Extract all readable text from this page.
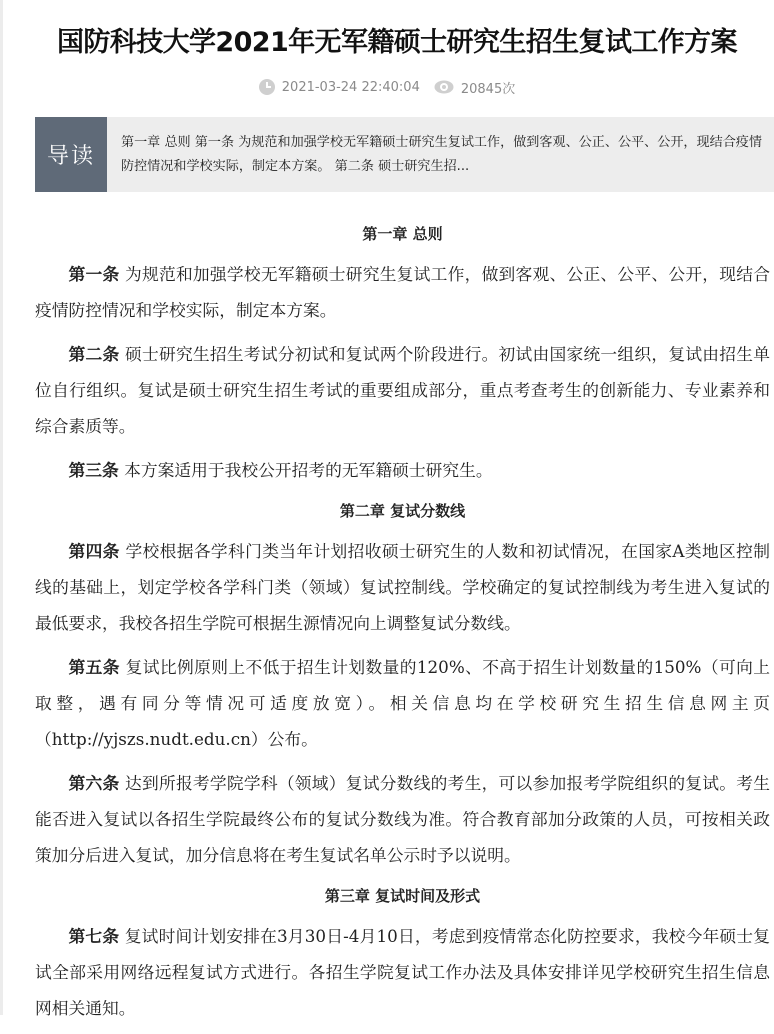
国防科技大学2021年无军籍硕士研究生招生复试工作方案
2021-03-24 22:40:04	20845次
导读
第一章 总则 第一条 为规范和加强学校无军籍硕士研究生复试工作，做到客观、公正、公平、公开，现结合疫情防控情况和学校实际，制定本方案。 第二条 硕士研究生招...
第一章 总则

第一条 为规范和加强学校无军籍硕士研究生复试工作，做到客观、公正、公平、公开，现结合疫情防控情况和学校实际，制定本方案。

第二条 硕士研究生招生考试分初试和复试两个阶段进行。初试由国家统一组织，复试由招生单位自行组织。复试是硕士研究生招生考试的重要组成部分，重点考查考生的创新能力、专业素养和综合素质等。

第三条 本方案适用于我校公开招考的无军籍硕士研究生。

第二章 复试分数线

第四条 学校根据各学科门类当年计划招收硕士研究生的人数和初试情况，在国家A类地区控制线的基础上，划定学校各学科门类（领域）复试控制线。学校确定的复试控制线为考生进入复试的最低要求，我校各招生学院可根据生源情况向上调整复试分数线。

第五条 复试比例原则上不低于招生计划数量的120%、不高于招生计划数量的150%（可向上取整，遇有同分等情况可适度放宽）。相关信息均在学校研究生招生信息网主页（http://yjszs.nudt.edu.cn）公布。

第六条 达到所报考学院学科（领域）复试分数线的考生，可以参加报考学院组织的复试。考生能否进入复试以各招生学院最终公布的复试分数线为准。符合教育部加分政策的人员，可按相关政策加分后进入复试，加分信息将在考生复试名单公示时予以说明。

第三章 复试时间及形式

第七条 复试时间计划安排在3月30日-4月10日，考虑到疫情常态化防控要求，我校今年硕士复试全部采用网络远程复试方式进行。各招生学院复试工作办法及具体安排详见学校研究生招生信息网相关通知。
